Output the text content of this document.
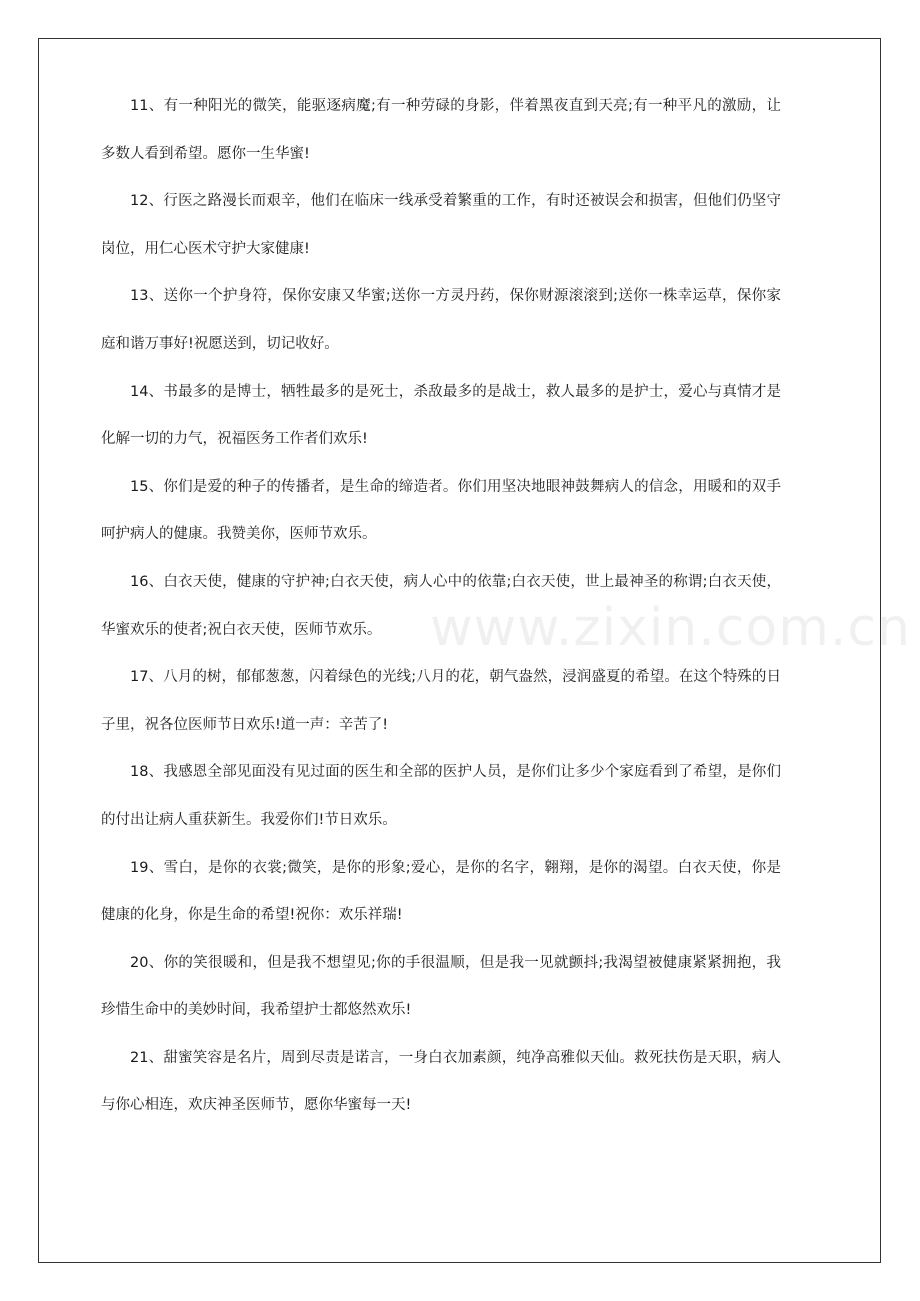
11、有一种阳光的微笑，能驱逐病魔;有一种劳碌的身影，伴着黑夜直到天亮;有一种平凡的激励，让多数人看到希望。愿你一生华蜜!

12、行医之路漫长而艰辛，他们在临床一线承受着繁重的工作，有时还被误会和损害，但他们仍坚守岗位，用仁心医术守护大家健康!

13、送你一个护身符，保你安康又华蜜;送你一方灵丹药，保你财源滚滚到;送你一株幸运草，保你家庭和谐万事好!祝愿送到，切记收好。

14、书最多的是博士，牺牲最多的是死士，杀敌最多的是战士，救人最多的是护士，爱心与真情才是化解一切的力气，祝福医务工作者们欢乐!

15、你们是爱的种子的传播者，是生命的缔造者。你们用坚决地眼神鼓舞病人的信念，用暖和的双手呵护病人的健康。我赞美你，医师节欢乐。

16、白衣天使，健康的守护神;白衣天使，病人心中的依靠;白衣天使，世上最神圣的称谓;白衣天使，华蜜欢乐的使者;祝白衣天使，医师节欢乐。

17、八月的树，郁郁葱葱，闪着绿色的光线;八月的花，朝气盎然，浸润盛夏的希望。在这个特殊的日子里，祝各位医师节日欢乐!道一声：辛苦了!

18、我感恩全部见面没有见过面的医生和全部的医护人员，是你们让多少个家庭看到了希望，是你们的付出让病人重获新生。我爱你们!节日欢乐。

19、雪白，是你的衣裳;微笑，是你的形象;爱心，是你的名字，翱翔，是你的渴望。白衣天使，你是健康的化身，你是生命的希望!祝你：欢乐祥瑞!

20、你的笑很暖和，但是我不想望见;你的手很温顺，但是我一见就颤抖;我渴望被健康紧紧拥抱，我珍惜生命中的美妙时间，我希望护士都悠然欢乐!

21、甜蜜笑容是名片，周到尽责是诺言，一身白衣加素颜，纯净高雅似天仙。救死扶伤是天职，病人与你心相连，欢庆神圣医师节，愿你华蜜每一天!
